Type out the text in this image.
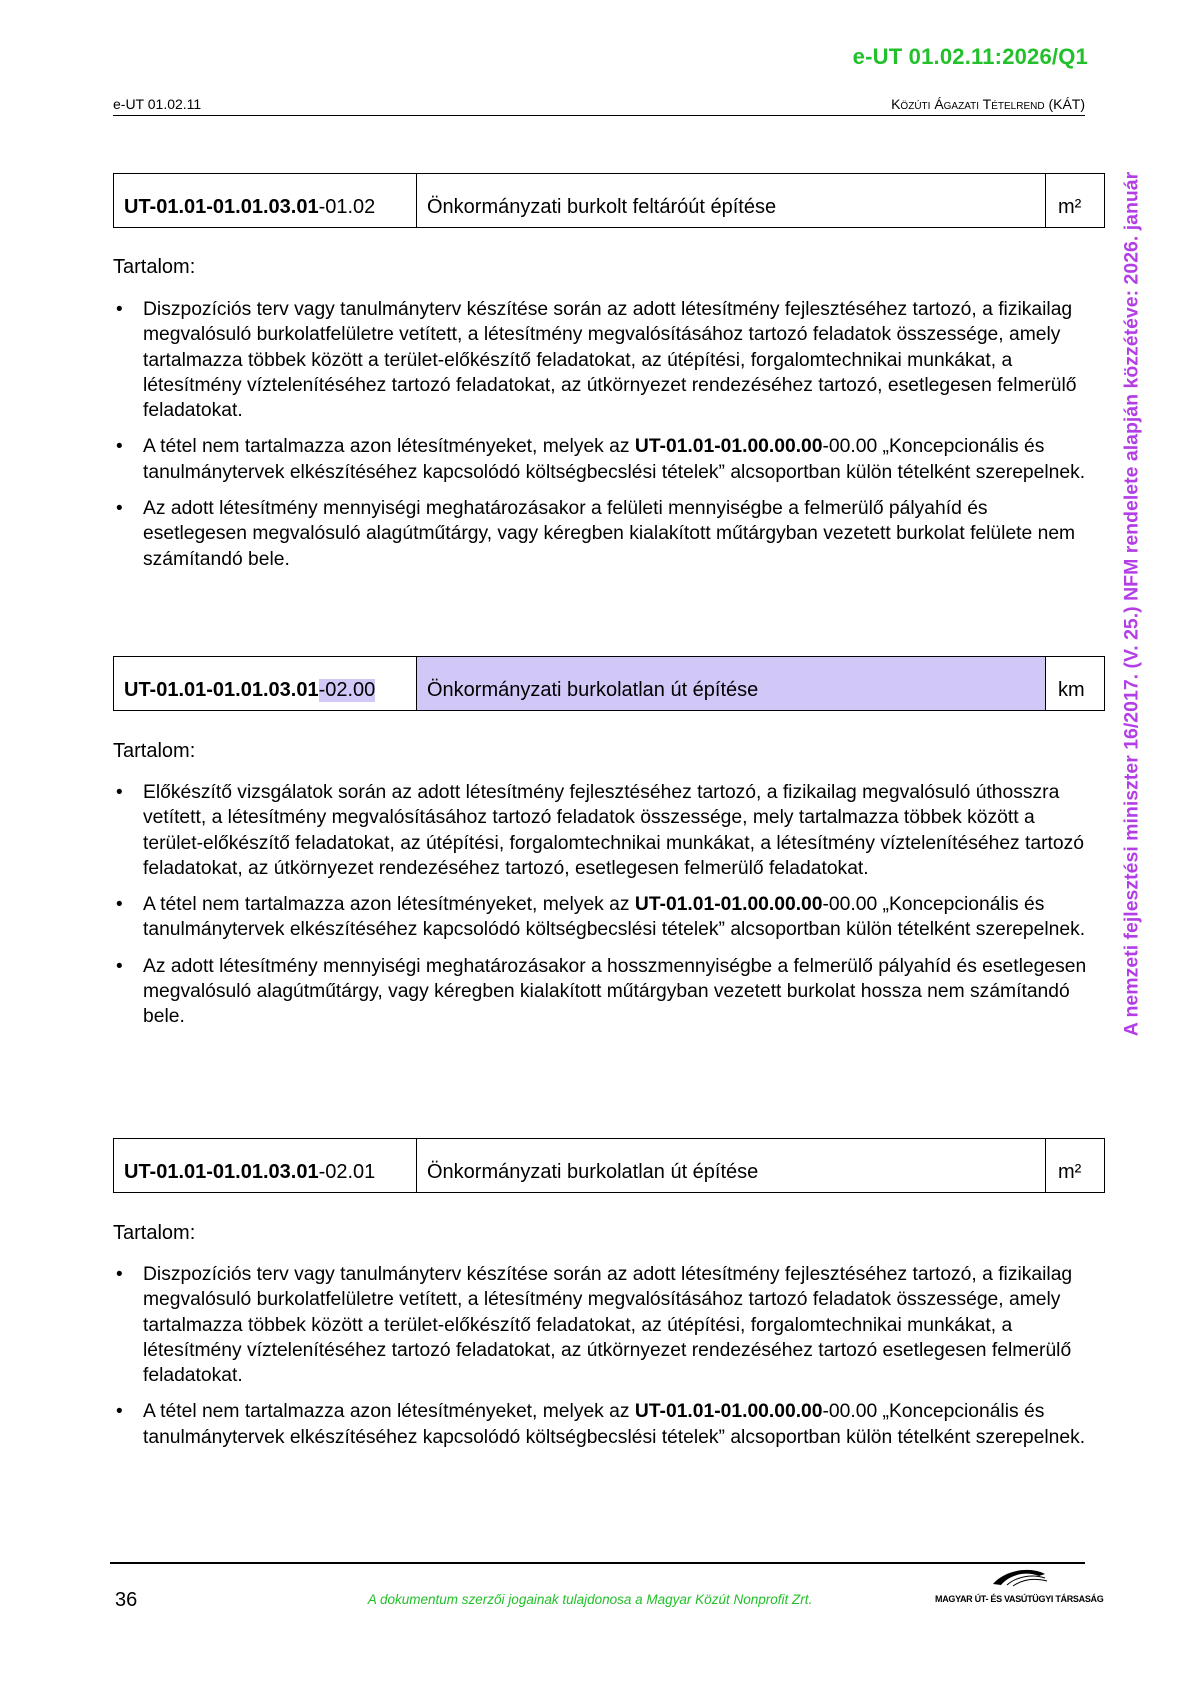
e-UT 01.02.11:2026/Q1
e-UT 01.02.11	Közúti Ágazati Tételrend (KÁT)
A nemzeti fejlesztési miniszter 16/2017. (V. 25.) NFM rendelete alapján közzétéve: 2026. január
UT-01.01-01.01.03.01 -01.02	Önkormányzati burkolt feltáróút építése	m²
Tartalom:
• Diszpozíciós terv vagy tanulmányterv készítése során az adott létesítmény fejlesztéséhez tartozó, a fizikailag megvalósuló burkolatfelületre vetített, a létesítmény megvalósításához tartozó feladatok összessége, amely tartalmazza többek között a terület-előkészítő feladatokat, az útépítési, forgalomtechnikai munkákat, a létesítmény víztelenítéséhez tartozó feladatokat, az útkörnyezet rendezéséhez tartozó, esetlegesen felmerülő feladatokat.
• A tétel nem tartalmazza azon létesítményeket, melyek az UT-01.01-01.00.00.00-00.00 „Koncepcionális és tanulmánytervek elkészítéséhez kapcsolódó költségbecslési tételek” alcsoportban külön tételként szerepelnek.
• Az adott létesítmény mennyiségi meghatározásakor a felületi mennyiségbe a felmerülő pályahíd és esetlegesen megvalósuló alagútműtárgy, vagy kéregben kialakított műtárgyban vezetett burkolat felülete nem számítandó bele.
UT-01.01-01.01.03.01 -02.00	Önkormányzati burkolatlan út építése	km
Tartalom:
• Előkészítő vizsgálatok során az adott létesítmény fejlesztéséhez tartozó, a fizikailag megvalósuló úthosszra vetített, a létesítmény megvalósításához tartozó feladatok összessége, mely tartalmazza többek között a terület-előkészítő feladatokat, az útépítési, forgalomtechnikai munkákat, a létesítmény víztelenítéséhez tartozó feladatokat, az útkörnyezet rendezéséhez tartozó, esetlegesen felmerülő feladatokat.
• A tétel nem tartalmazza azon létesítményeket, melyek az UT-01.01-01.00.00.00-00.00 „Koncepcionális és tanulmánytervek elkészítéséhez kapcsolódó költségbecslési tételek” alcsoportban külön tételként szerepelnek.
• Az adott létesítmény mennyiségi meghatározásakor a hosszmennyiségbe a felmerülő pályahíd és esetlegesen megvalósuló alagútműtárgy, vagy kéregben kialakított műtárgyban vezetett burkolat hossza nem számítandó bele.
UT-01.01-01.01.03.01 -02.01	Önkormányzati burkolatlan út építése	m²
Tartalom:
• Diszpozíciós terv vagy tanulmányterv készítése során az adott létesítmény fejlesztéséhez tartozó, a fizikailag megvalósuló burkolatfelületre vetített, a létesítmény megvalósításához tartozó feladatok összessége, amely tartalmazza többek között a terület-előkészítő feladatokat, az útépítési, forgalomtechnikai munkákat, a létesítmény víztelenítéséhez tartozó feladatokat, az útkörnyezet rendezéséhez tartozó esetlegesen felmerülő feladatokat.
• A tétel nem tartalmazza azon létesítményeket, melyek az UT-01.01-01.00.00.00-00.00 „Koncepcionális és tanulmánytervek elkészítéséhez kapcsolódó költségbecslési tételek” alcsoportban külön tételként szerepelnek.
36	A dokumentum szerzői jogainak tulajdonosa a Magyar Közút Nonprofit Zrt.	MAGYAR ÚT- ÉS VASÚTÜGYI TÁRSASÁG
